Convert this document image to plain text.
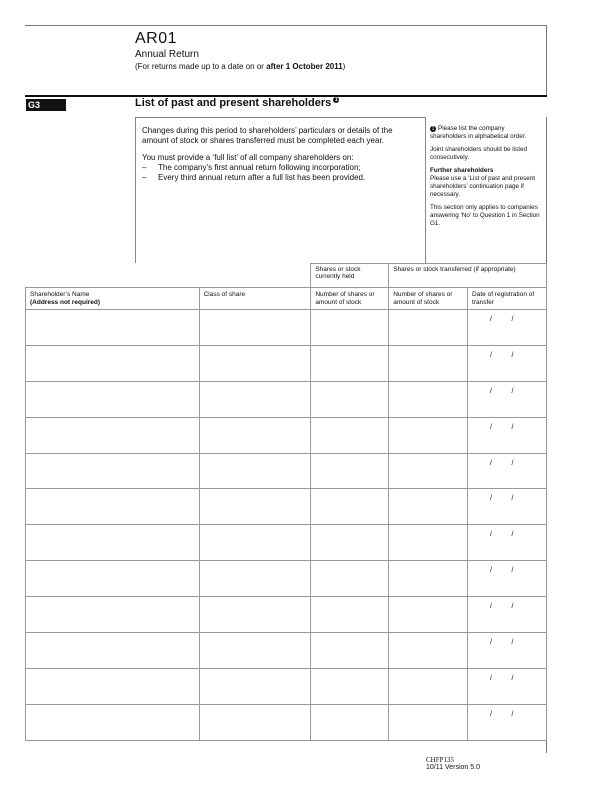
AR01
Annual Return
(For returns made up to a date on or after 1 October 2011)
G3	List of past and present shareholders 1

Changes during this period to shareholders’ particulars or details of the amount of stock or shares transferred must be completed each year.

You must provide a ‘full list’ of all company shareholders on:

– The company’s first annual return following incorporation;
– Every third annual return after a full list has been provided.

1 Please list the company shareholders in alphabetical order.

Joint shareholders should be listed consecutively.

Further shareholders
Please use a ‘List of past and present shareholders’ continuation page if necessary.

This section only applies to companies answering ‘No’ to Question 1 in Section G1.

		Shares or stock currently held	Shares or stock transferred (if appropriate)	
Shareholder’s Name
(Address not required)	Class of share	Number of shares or amount of stock	Number of shares or amount of stock	Date of registration of transfer
				/          /
				/          /
				/          /
				/          /
				/          /
				/          /
				/          /
				/          /
				/          /
				/          /
				/          /
				/          /
CHFP135
10/11 Version 5.0
